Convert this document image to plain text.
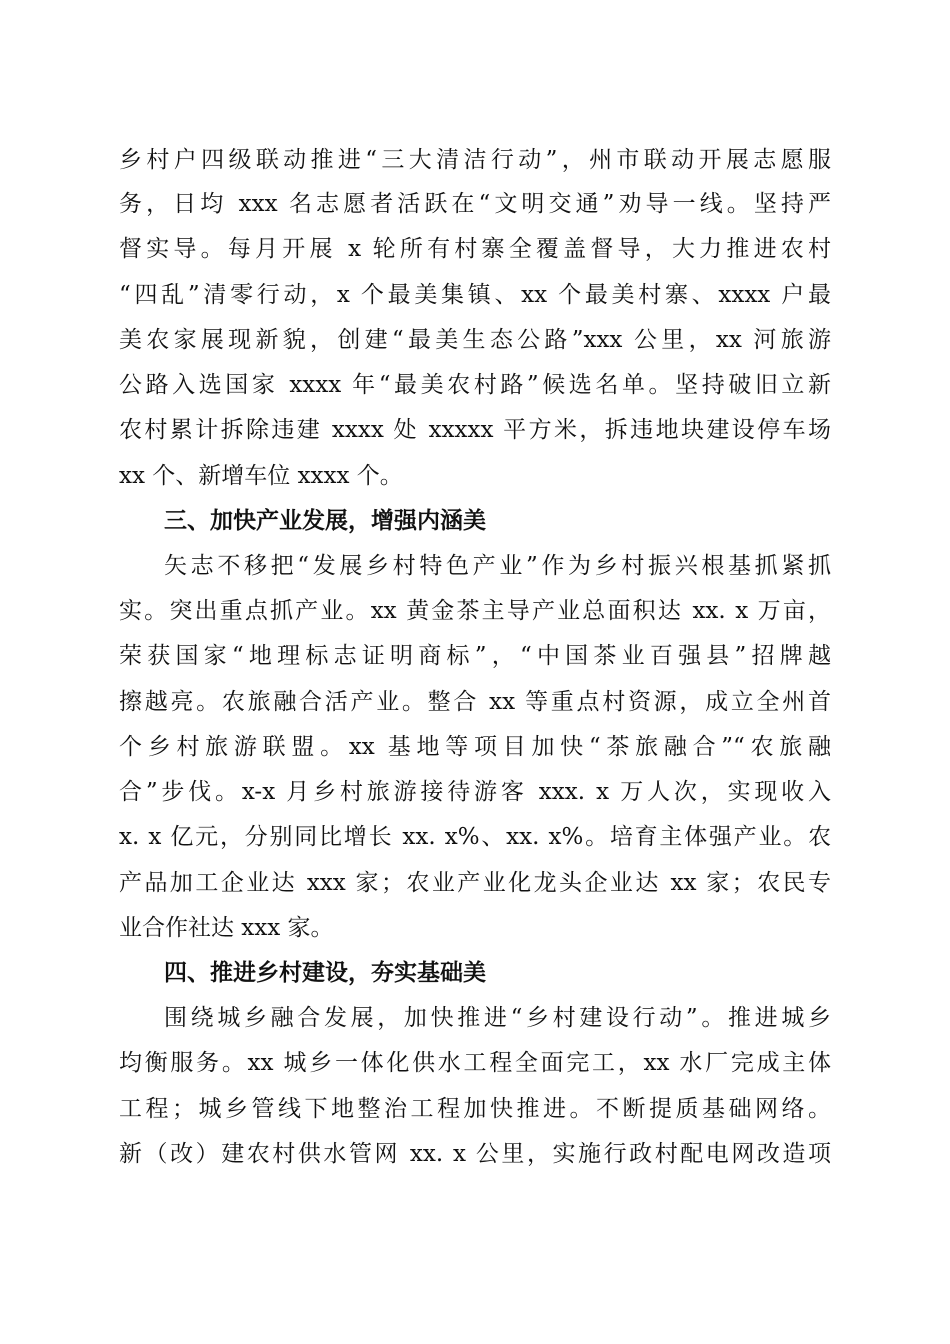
乡村户四级联动推进“三大清洁行动”，州市联动开展志愿服
务，日均 xxx 名志愿者活跃在“文明交通”劝导一线。坚持严
督实导。每月开展 x 轮所有村寨全覆盖督导，大力推进农村
“四乱”清零行动，x 个最美集镇、xx 个最美村寨、xxxx 户最
美农家展现新貌，创建“最美生态公路”xxx 公里，xx 河旅游
公路入选国家 xxxx 年“最美农村路”候选名单。坚持破旧立新
农村累计拆除违建 xxxx 处 xxxxx 平方米，拆违地块建设停车场
xx 个、新增车位 xxxx 个。
三、加快产业发展，增强内涵美
矢志不移把“发展乡村特色产业”作为乡村振兴根基抓紧抓
实。突出重点抓产业。xx 黄金茶主导产业总面积达 xx. x 万亩，
荣获国家“地理标志证明商标”，“中国茶业百强县”招牌越
擦越亮。农旅融合活产业。整合 xx 等重点村资源，成立全州首
个乡村旅游联盟。xx 基地等项目加快“茶旅融合”“农旅融
合”步伐。x-x 月乡村旅游接待游客 xxx. x 万人次，实现收入
x. x 亿元，分别同比增长 xx. x%、xx. x%。培育主体强产业。农
产品加工企业达 xxx 家；农业产业化龙头企业达 xx 家；农民专
业合作社达 xxx 家。
四、推进乡村建设，夯实基础美
围绕城乡融合发展，加快推进“乡村建设行动”。推进城乡
均衡服务。xx 城乡一体化供水工程全面完工，xx 水厂完成主体
工程；城乡管线下地整治工程加快推进。不断提质基础网络。
新（改）建农村供水管网 xx. x 公里，实施行政村配电网改造项
